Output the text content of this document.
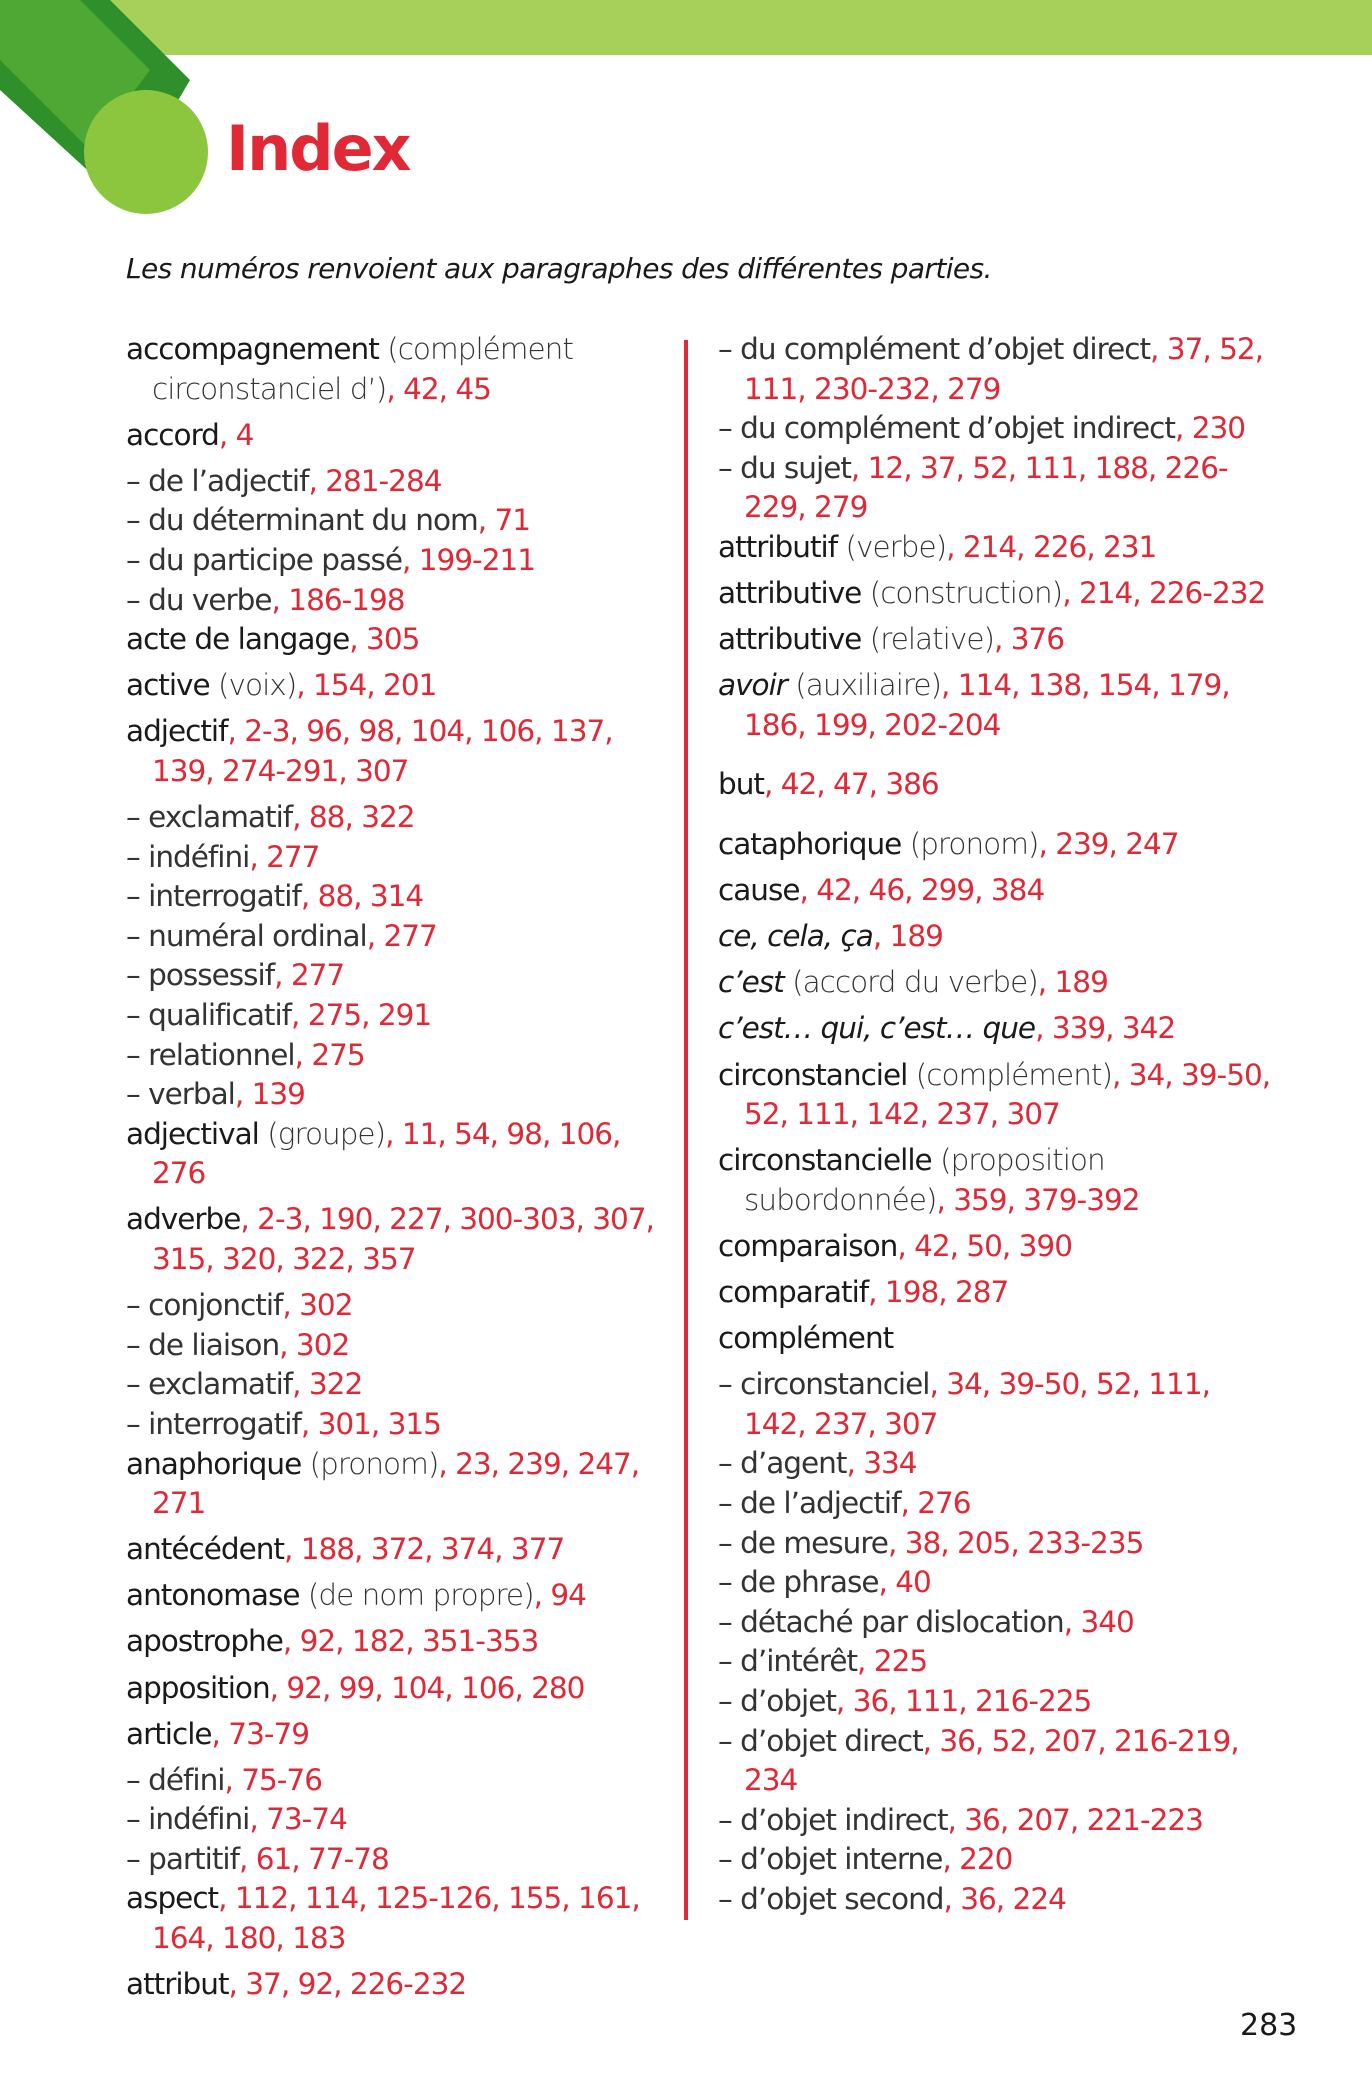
Index

Les numéros renvoient aux paragraphes des différentes parties.

accompagnement (complément circonstanciel d’), 42, 45

accord, 4

– de l’adjectif, 281-284

– du déterminant du nom, 71

– du participe passé, 199-211

– du verbe, 186-198

acte de langage, 305

active (voix), 154, 201

adjectif, 2-3, 96, 98, 104, 106, 137, 139, 274-291, 307

– exclamatif, 88, 322

– indéfini, 277

– interrogatif, 88, 314

– numéral ordinal, 277

– possessif, 277

– qualificatif, 275, 291

– relationnel, 275

– verbal, 139

adjectival (groupe), 11, 54, 98, 106, 276

adverbe, 2-3, 190, 227, 300-303, 307, 315, 320, 322, 357

– conjonctif, 302

– de liaison, 302

– exclamatif, 322

– interrogatif, 301, 315

anaphorique (pronom), 23, 239, 247, 271

antécédent, 188, 372, 374, 377

antonomase (de nom propre), 94

apostrophe, 92, 182, 351-353

apposition, 92, 99, 104, 106, 280

article, 73-79

– défini, 75-76

– indéfini, 73-74

– partitif, 61, 77-78

aspect, 112, 114, 125-126, 155, 161, 164, 180, 183

attribut, 37, 92, 226-232

– du complément d’objet direct, 37, 52, 111, 230-232, 279

– du complément d’objet indirect, 230

– du sujet, 12, 37, 52, 111, 188, 226-229, 279

attributif (verbe), 214, 226, 231

attributive (construction), 214, 226-232

attributive (relative), 376

avoir (auxiliaire), 114, 138, 154, 179, 186, 199, 202-204

but, 42, 47, 386

cataphorique (pronom), 239, 247

cause, 42, 46, 299, 384

ce, cela, ça, 189

c’est (accord du verbe), 189

c’est… qui, c’est… que, 339, 342

circonstanciel (complément), 34, 39-50, 52, 111, 142, 237, 307

circonstancielle (proposition subordonnée), 359, 379-392

comparaison, 42, 50, 390

comparatif, 198, 287

complément

– circonstanciel, 34, 39-50, 52, 111, 142, 237, 307

– d’agent, 334

– de l’adjectif, 276

– de mesure, 38, 205, 233-235

– de phrase, 40

– détaché par dislocation, 340

– d’intérêt, 225

– d’objet, 36, 111, 216-225

– d’objet direct, 36, 52, 207, 216-219, 234

– d’objet indirect, 36, 207, 221-223

– d’objet interne, 220

– d’objet second, 36, 224

283
